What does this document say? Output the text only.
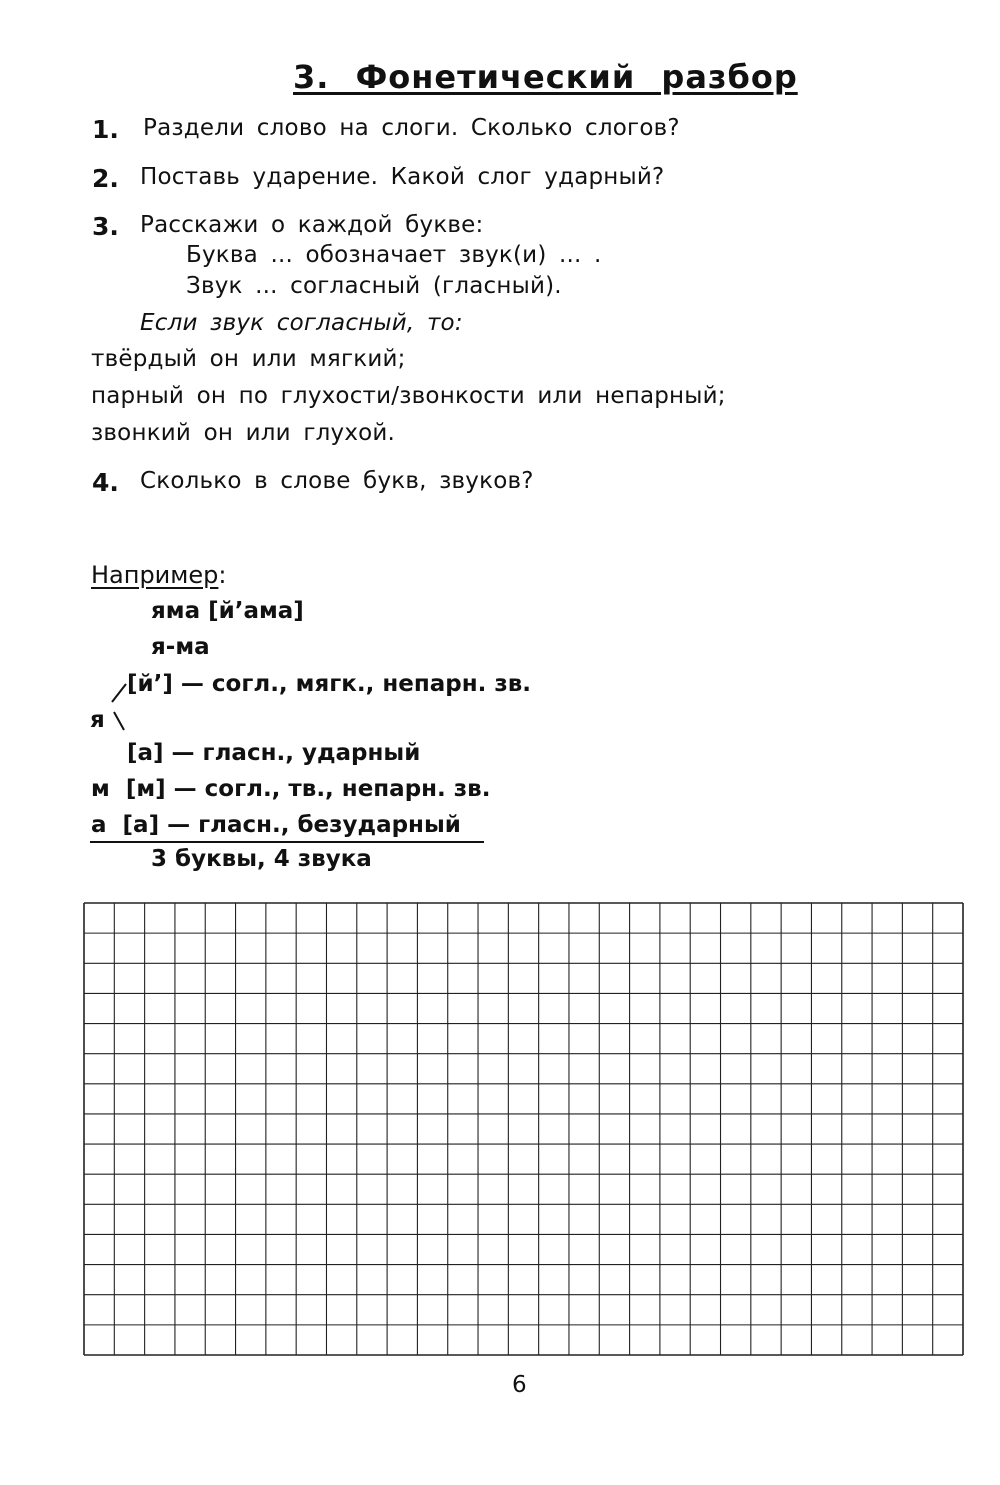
3. Фонетический разбор
1. Раздели слово на слоги. Сколько слогов?
2. Поставь ударение. Какой слог ударный?
3. Расскажи о каждой букве:
Буква ... обозначает звук(и) ... .
Звук ... согласный (гласный).
Если звук согласный, то:
твёрдый он или мягкий;
парный он по глухости/звонкости или непарный;
звонкий он или глухой.
4. Сколько в слове букв, звуков?
Например:
яма [й’ама]
я-ма
[й’] — согл., мягк., непарн. зв.
я
[а] — гласн., ударный
м  [м] — согл., тв., непарн. зв.
а  [а] — гласн., безударный
3 буквы, 4 звука
6
